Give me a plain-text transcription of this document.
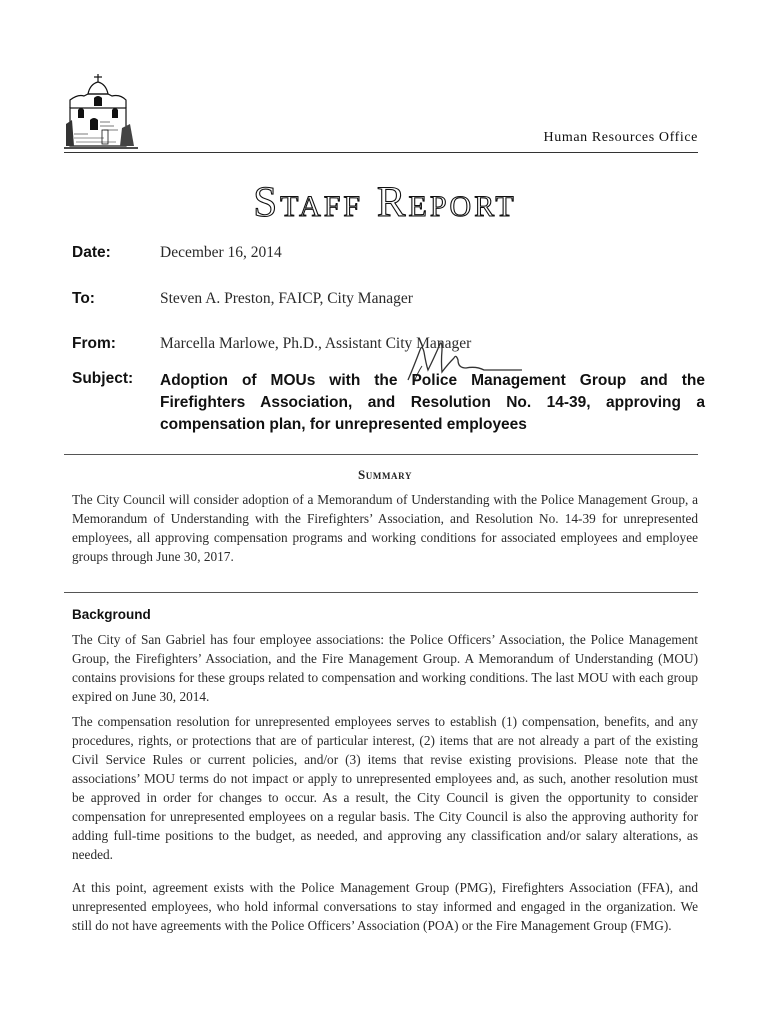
Human Resources Office
Staff Report
Date:	December 16, 2014
To:	Steven A. Preston, FAICP, City Manager
From:	Marcella Marlowe, Ph.D., Assistant City Manager
Subject: Adoption of MOUs with the Police Management Group and the Firefighters Association, and Resolution No. 14-39, approving a compensation plan, for unrepresented employees
Summary
The City Council will consider adoption of a Memorandum of Understanding with the Police Management Group, a Memorandum of Understanding with the Firefighters’ Association, and Resolution No. 14-39 for unrepresented employees, all approving compensation programs and working conditions for associated employees and employee groups through June 30, 2017.
Background
The City of San Gabriel has four employee associations: the Police Officers’ Association, the Police Management Group, the Firefighters’ Association, and the Fire Management Group. A Memorandum of Understanding (MOU) contains provisions for these groups related to compensation and working conditions. The last MOU with each group expired on June 30, 2014.
The compensation resolution for unrepresented employees serves to establish (1) compensation, benefits, and any procedures, rights, or protections that are of particular interest, (2) items that are not already a part of the existing Civil Service Rules or current policies, and/or (3) items that revise existing provisions. Please note that the associations’ MOU terms do not impact or apply to unrepresented employees and, as such, another resolution must be approved in order for changes to occur. As a result, the City Council is given the opportunity to consider compensation for unrepresented employees on a regular basis. The City Council is also the approving authority for adding full-time positions to the budget, as needed, and approving any classification and/or salary alterations, as needed.
At this point, agreement exists with the Police Management Group (PMG), Firefighters Association (FFA), and unrepresented employees, who hold informal conversations to stay informed and engaged in the organization. We still do not have agreements with the Police Officers’ Association (POA) or the Fire Management Group (FMG).
